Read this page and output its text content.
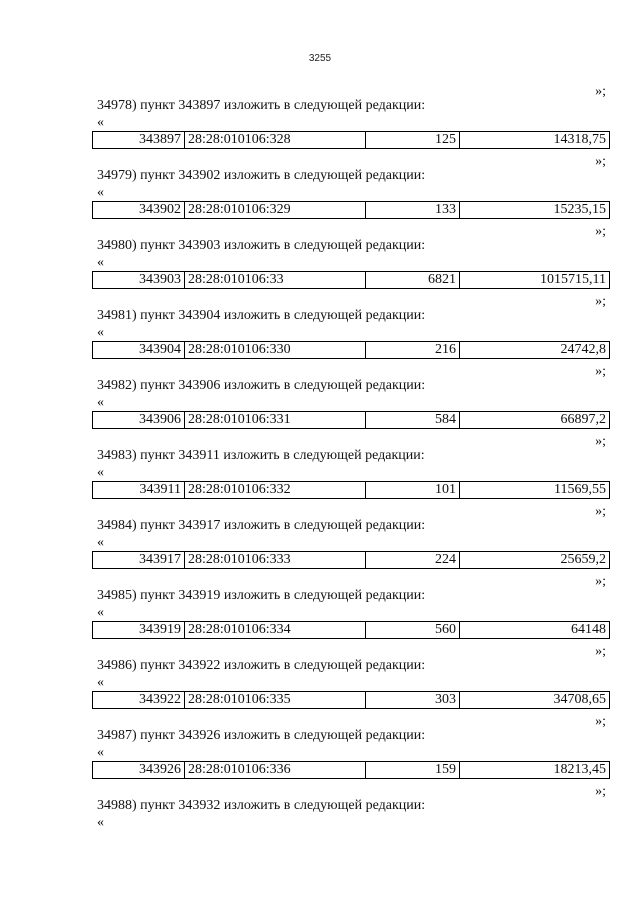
3255
»;
34978) пункт 343897 изложить в следующей редакции:
«
343897 28:28:010106:328	125	14318,75
»;
34979) пункт 343902 изложить в следующей редакции:
«
343902 28:28:010106:329	133	15235,15
»;
34980) пункт 343903 изложить в следующей редакции:
«
343903 28:28:010106:33	6821	1015715,11
»;
34981) пункт 343904 изложить в следующей редакции:
«
343904 28:28:010106:330	216	24742,8
»;
34982) пункт 343906 изложить в следующей редакции:
«
343906 28:28:010106:331	584	66897,2
»;
34983) пункт 343911 изложить в следующей редакции:
«
343911 28:28:010106:332	101	11569,55
»;
34984) пункт 343917 изложить в следующей редакции:
«
343917 28:28:010106:333	224	25659,2
»;
34985) пункт 343919 изложить в следующей редакции:
«
343919 28:28:010106:334	560	64148
»;
34986) пункт 343922 изложить в следующей редакции:
«
343922 28:28:010106:335	303	34708,65
»;
34987) пункт 343926 изложить в следующей редакции:
«
343926 28:28:010106:336	159	18213,45
»;
34988) пункт 343932 изложить в следующей редакции:
«
